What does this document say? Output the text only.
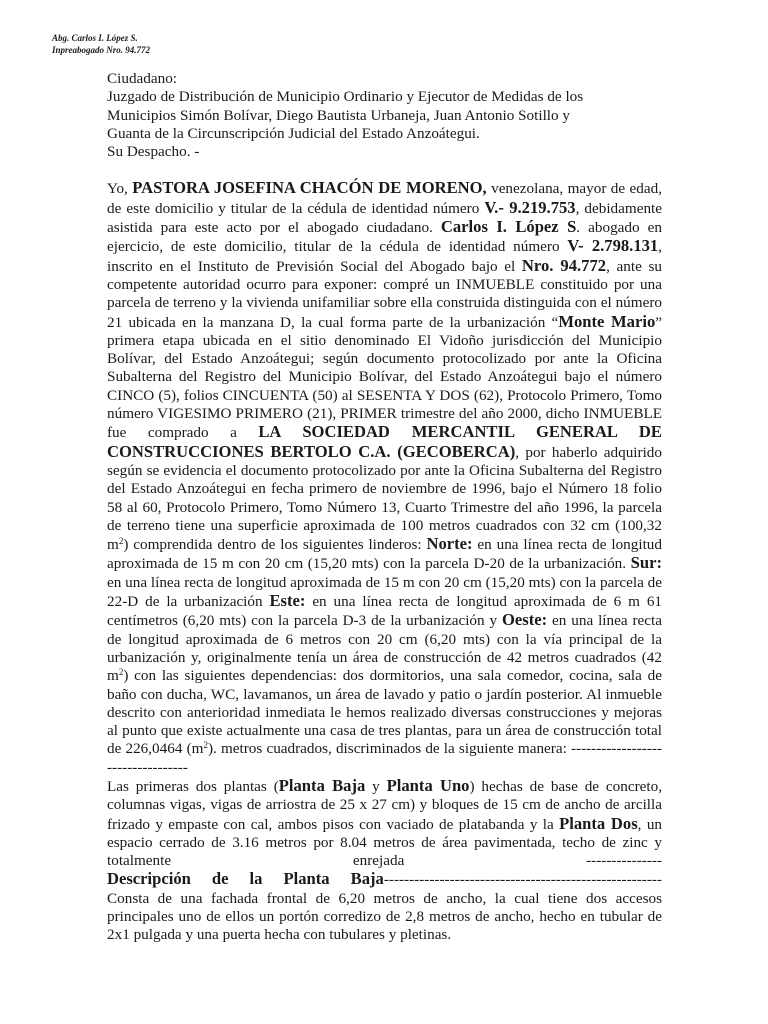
Abg. Carlos I. López S.
Inpreabogado Nro. 94.772
Ciudadano:
Juzgado de Distribución de Municipio Ordinario y Ejecutor de Medidas de los
Municipios Simón Bolívar, Diego Bautista Urbaneja, Juan Antonio Sotillo y
Guanta de la Circunscripción Judicial del Estado Anzoátegui.
Su Despacho. -

Yo, PASTORA JOSEFINA CHACÓN DE MORENO, venezolana, mayor de edad, de este domicilio y titular de la cédula de identidad número V.- 9.219.753, debidamente asistida para este acto por el abogado ciudadano. Carlos I. López S. abogado en ejercicio, de este domicilio, titular de la cédula de identidad número V- 2.798.131, inscrito en el Instituto de Previsión Social del Abogado bajo el Nro. 94.772, ante su competente autoridad ocurro para exponer: compré un INMUEBLE constituido por una parcela de terreno y la vivienda unifamiliar sobre ella construida distinguida con el número 21 ubicada en la manzana D, la cual forma parte de la urbanización “Monte Mario” primera etapa ubicada en el sitio denominado El Vidoño jurisdicción del Municipio Bolívar, del Estado Anzoátegui; según documento protocolizado por ante la Oficina Subalterna del Registro del Municipio Bolívar, del Estado Anzoátegui bajo el número CINCO (5), folios CINCUENTA (50) al SESENTA Y DOS (62), Protocolo Primero, Tomo número VIGESIMO PRIMERO (21), PRIMER trimestre del año 2000, dicho INMUEBLE fue comprado a LA SOCIEDAD MERCANTIL GENERAL DE CONSTRUCCIONES BERTOLO C.A. (GECOBERCA), por haberlo adquirido según se evidencia el documento protocolizado por ante la Oficina Subalterna del Registro del Estado Anzoátegui en fecha primero de noviembre de 1996, bajo el Número 18 folio 58 al 60, Protocolo Primero, Tomo Número 13, Cuarto Trimestre del año 1996, la parcela de terreno tiene una superficie aproximada de 100 metros cuadrados con 32 cm (100,32 $m^2$) comprendida dentro de los siguientes linderos: Norte: en una línea recta de longitud aproximada de 15 m con 20 cm (15,20 mts) con la parcela D-20 de la urbanización. Sur: en una línea recta de longitud aproximada de 15 m con 20 cm (15,20 mts) con la parcela de 22-D de la urbanización Este: en una línea recta de longitud aproximada de 6 m 61 centímetros (6,20 mts) con la parcela D-3 de la urbanización y Oeste: en una línea recta de longitud aproximada de 6 metros con 20 cm (6,20 mts) con la vía principal de la urbanización y, originalmente tenía un área de construcción de 42 metros cuadrados (42 $m^2$) con las siguientes dependencias: dos dormitorios, una sala comedor, cocina, sala de baño con ducha, WC, lavamanos, un área de lavado y patio o jardín posterior. Al inmueble descrito con anterioridad inmediata le hemos realizado diversas construcciones y mejoras al punto que existe actualmente una casa de tres plantas, para un área de construcción total de 226,0464 $(m^2)$. metros cuadrados, discriminados de la siguiente manera: ----------------------------------

Las primeras dos plantas (Planta Baja y Planta Uno) hechas de base de concreto, columnas vigas, vigas de arriostra de 25 x 27 cm) y bloques de 15 cm de ancho de arcilla frizado y empaste con cal, ambos pisos con vaciado de platabanda y la Planta Dos, un espacio cerrado de 3.16 metros por 8.04 metros de área pavimentada, techo de zinc y totalmente enrejada ---------------

Descripción de la Planta Baja-------------------------------------------------------

Consta de una fachada frontal de 6,20 metros de ancho, la cual tiene dos accesos principales uno de ellos un portón corredizo de 2,8 metros de ancho, hecho en tubular de 2x1 pulgada y una puerta hecha con tubulares y pletinas.
